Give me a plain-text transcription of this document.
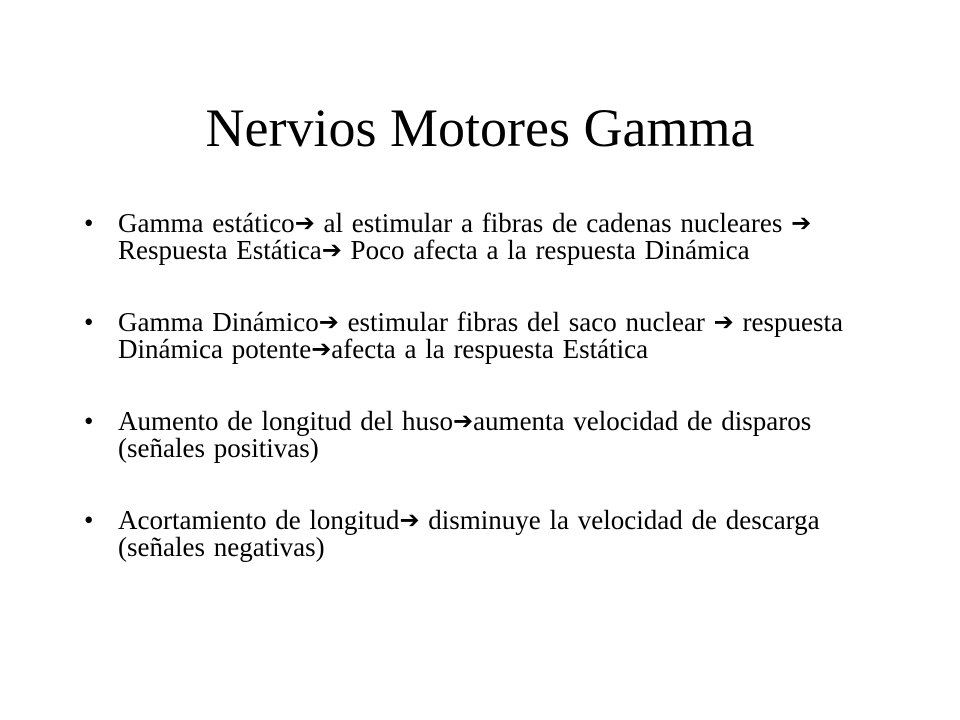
Nervios Motores Gamma
• Gamma estático➔ al estimular a fibras de cadenas nucleares ➔Respuesta Estática➔ Poco afecta a la respuesta Dinámica
• Gamma Dinámico➔ estimular fibras del saco nuclear ➔ respuesta Dinámica potente➔afecta a la respuesta Estática
• Aumento de longitud del huso➔aumenta velocidad de disparos (señales positivas)
• Acortamiento de longitud➔ disminuye la velocidad de descarga (señales negativas)
